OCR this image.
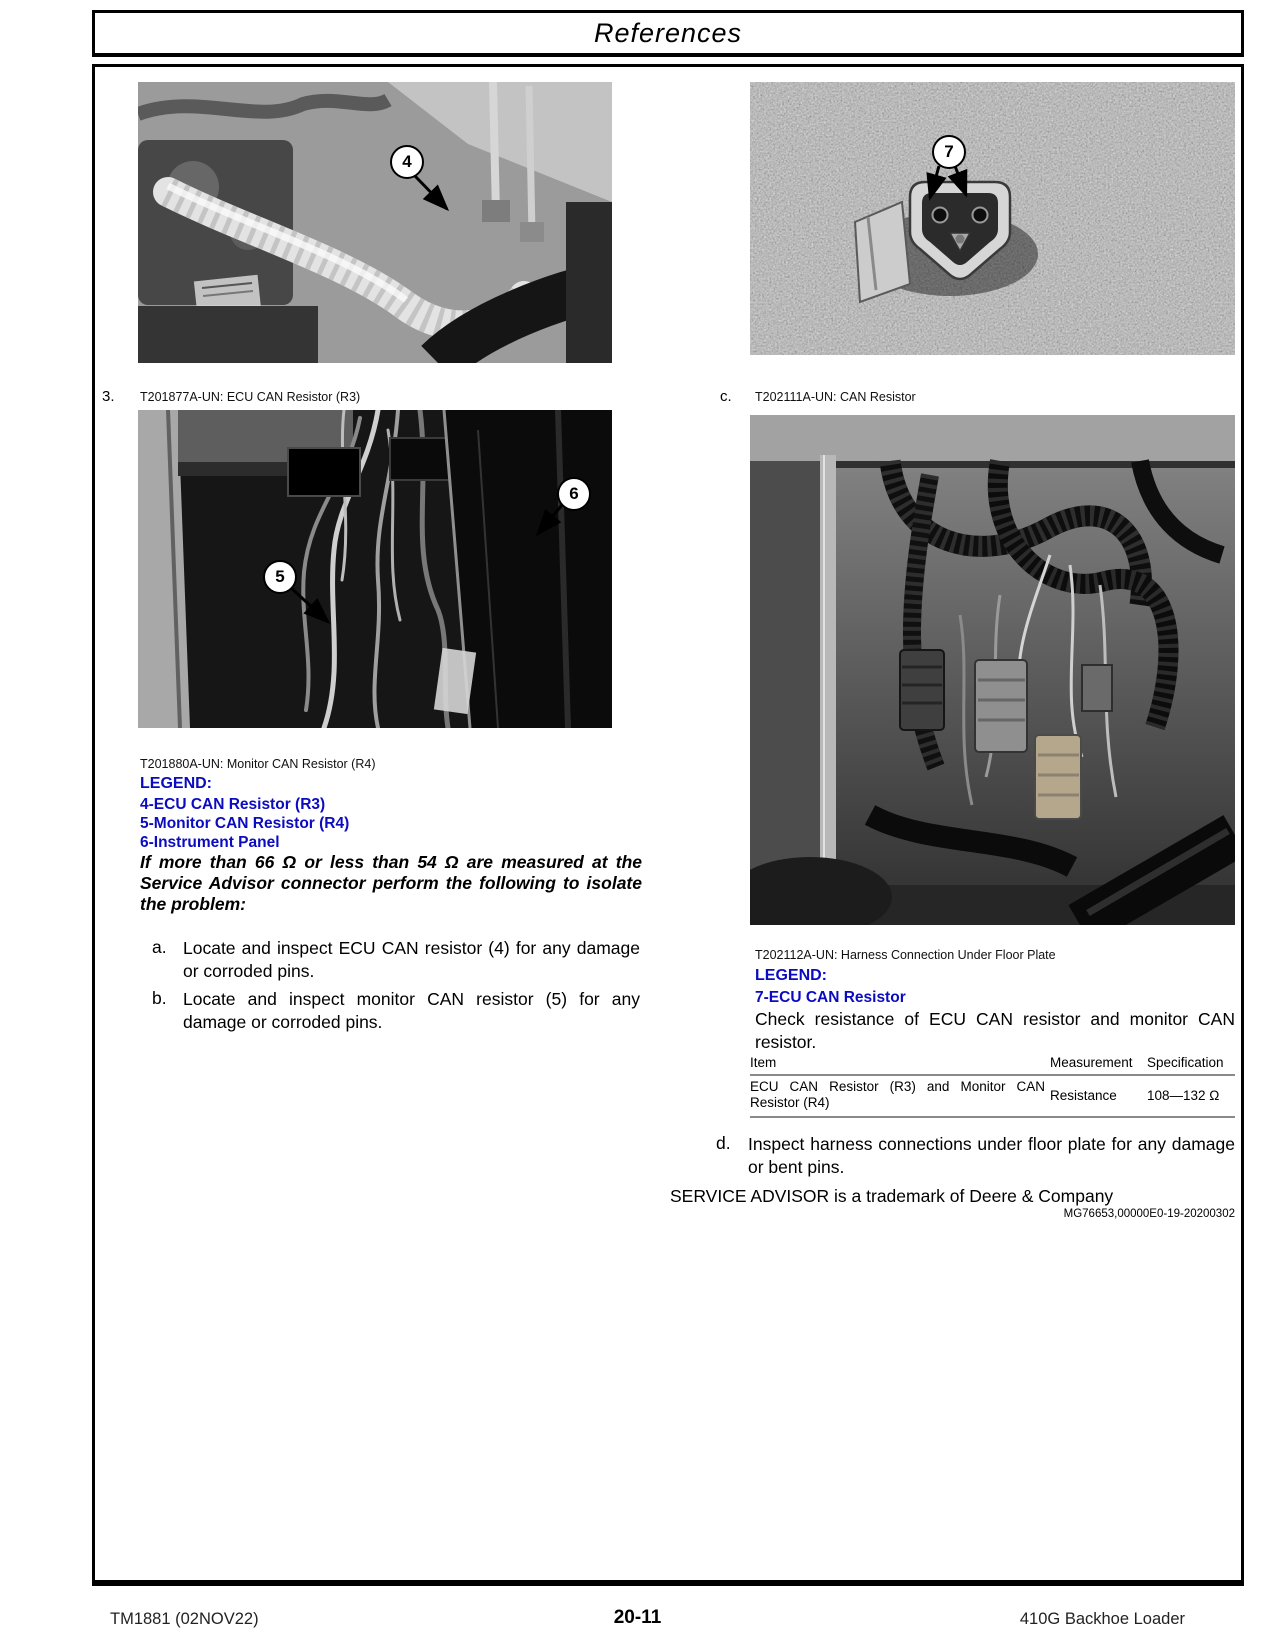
References
4
3. T201877A-UN: ECU CAN Resistor (R3)
5
6
T201880A-UN: Monitor CAN Resistor (R4)
LEGEND:
4-ECU CAN Resistor (R3)
5-Monitor CAN Resistor (R4)
6-Instrument Panel
If more than 66 Ω or less than 54 Ω are measured at the Service Advisor connector perform the following to isolate the problem:
a. Locate and inspect ECU CAN resistor (4) for any damage or corroded pins.
b. Locate and inspect monitor CAN resistor (5) for any damage or corroded pins.
7
c. T202111A-UN: CAN Resistor
T202112A-UN: Harness Connection Under Floor Plate
LEGEND:
7-ECU CAN Resistor
Check resistance of ECU CAN resistor and monitor CAN resistor.
Item	Measurement	Specification
ECU CAN Resistor (R3) and Monitor CAN Resistor (R4)	Resistance	108—132 Ω
d. Inspect harness connections under floor plate for any damage or bent pins.
SERVICE ADVISOR is a trademark of Deere & Company
MG76653,00000E0-19-20200302
TM1881 (02NOV22)	20-11	410G Backhoe Loader
